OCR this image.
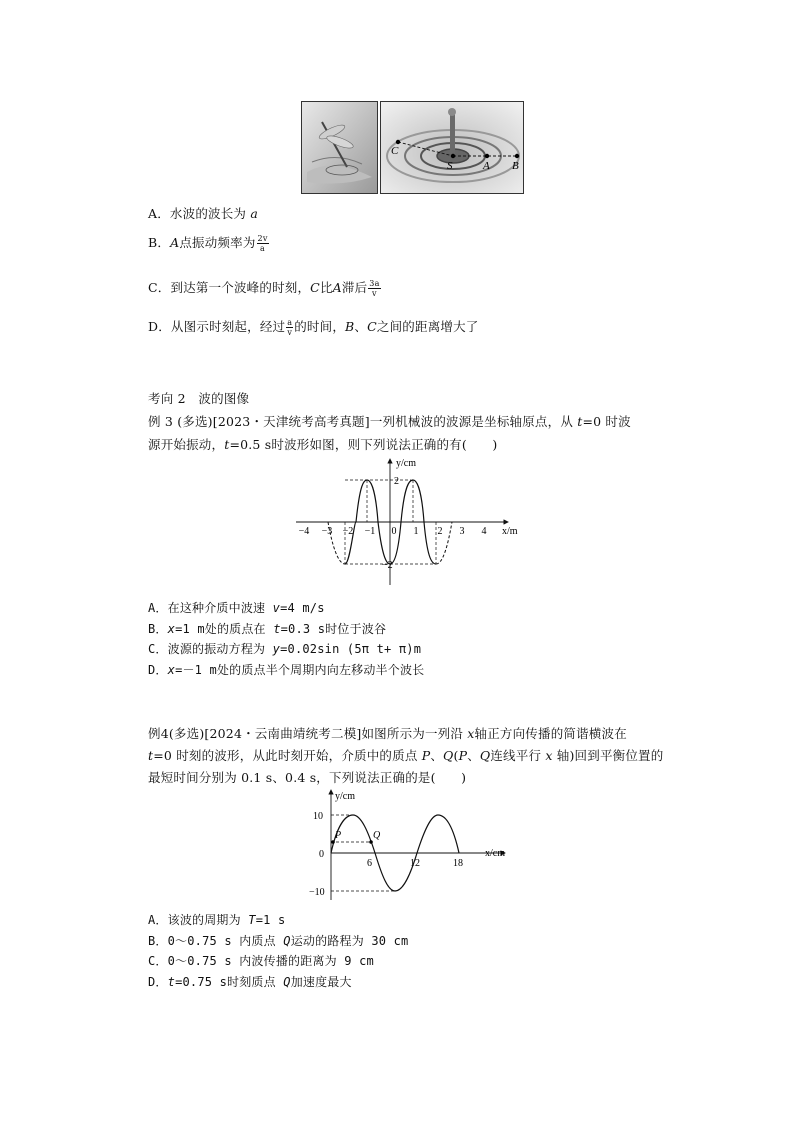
C
S	A B
A．水波的波长为 a
B．A点振动频率为 $\frac{2v}{a}$
C．到达第一个波峰的时刻，C比A滞后 $\frac{3a}{v}$
D．从图示时刻起，经过 $\frac{a}{v}$ 的时间，B、C之间的距离增大了
考向 2　波的图像
例 3 (多选)[2023・天津统考高考真题]一列机械波的波源是坐标轴原点，从 t=0 时波
源开始振动，t=0.5 s时波形如图，则下列说法正确的有(　　)
y/cm
x/m
−4 −3 −2 −1 0 1 2 3 4
2
−2
A．在这种介质中波速 v=4 m/s
B．x=1 m处的质点在 t=0.3 s时位于波谷
C．波源的振动方程为 y=0.02sin (5π t+ π)m
D．x=－1 m处的质点半个周期内向左移动半个波长
例4(多选)[2024・云南曲靖统考二模]如图所示为一列沿 x轴正方向传播的简谐横波在
t=0 时刻的波形，从此时刻开始，介质中的质点 P、Q(P、Q连线平行 x 轴)回到平衡位置的
最短时间分别为 0.1 s、0.4 s，下列说法正确的是(　　)
y/cm
x/cm
P	Q
10
0
−10
6	12	18
A．该波的周期为 T=1 s
B．0～0.75 s 内质点 Q运动的路程为 30 cm
C．0～0.75 s 内波传播的距离为 9 cm
D．t=0.75 s时刻质点 Q加速度最大
